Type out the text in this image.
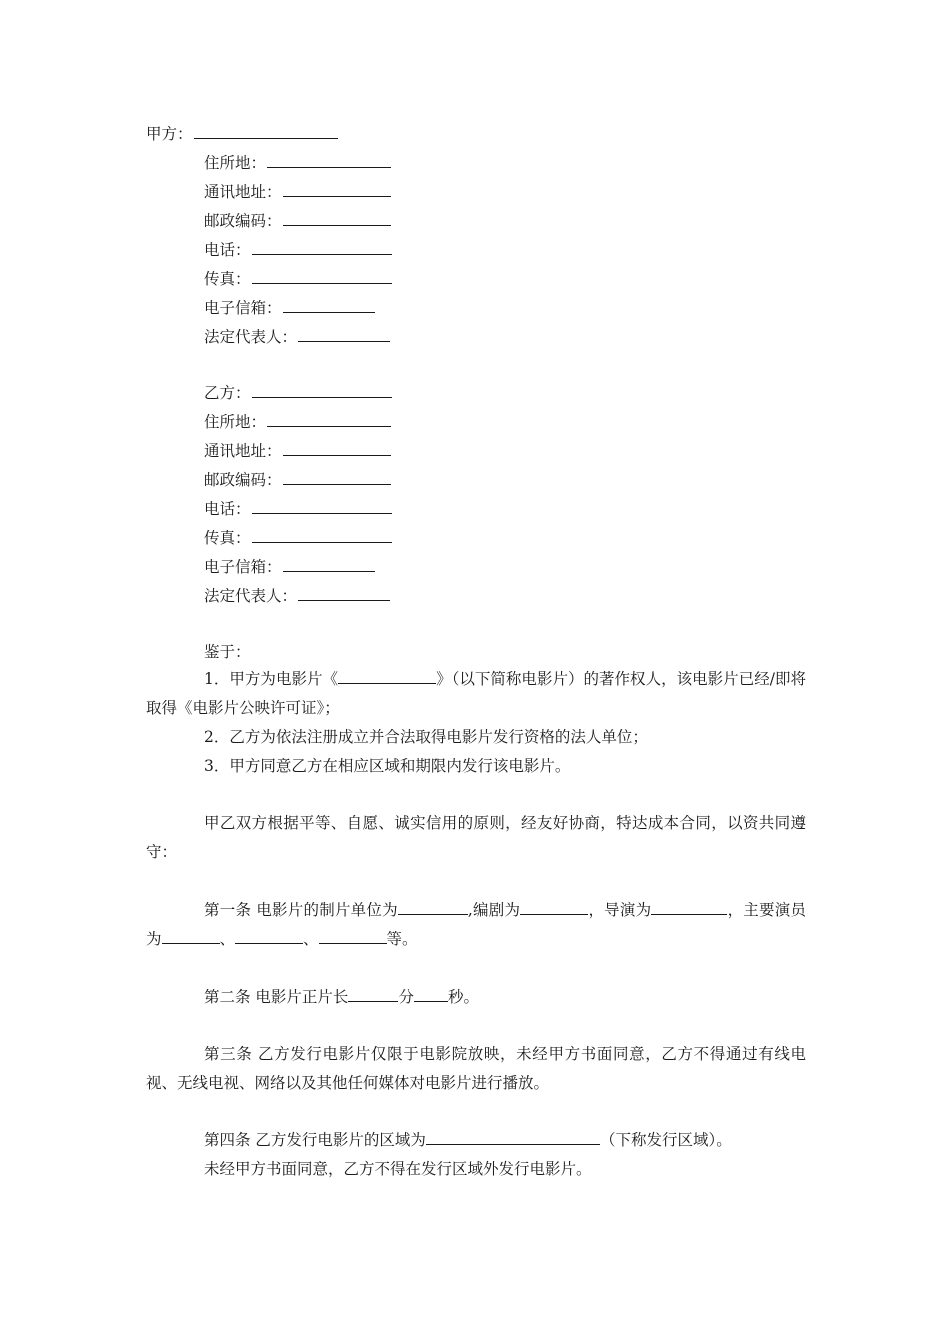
甲方：
住所地：
通讯地址：
邮政编码：
电话：
传真：
电子信箱：
法定代表人：
乙方：
住所地：
通讯地址：
邮政编码：
电话：
传真：
电子信箱：
法定代表人：
鉴于：
1．甲方为电影片《	》（以下简称电影片）的著作权人，该电影片已经/即将取得《电影片公映许可证》；
2．乙方为依法注册成立并合法取得电影片发行资格的法人单位；
3．甲方同意乙方在相应区域和期限内发行该电影片。
甲乙双方根据平等、自愿、诚实信用的原则，经友好协商，特达成本合同，以资共同遵守：
第一条 电影片的制片单位为	,编剧为	，导演为	，主要演员为	、	、	等。
第二条 电影片正片长	分 秒。
第三条 乙方发行电影片仅限于电影院放映，未经甲方书面同意，乙方不得通过有线电视、无线电视、网络以及其他任何媒体对电影片进行播放。
第四条 乙方发行电影片的区域为	（下称发行区域）。
未经甲方书面同意，乙方不得在发行区域外发行电影片。
